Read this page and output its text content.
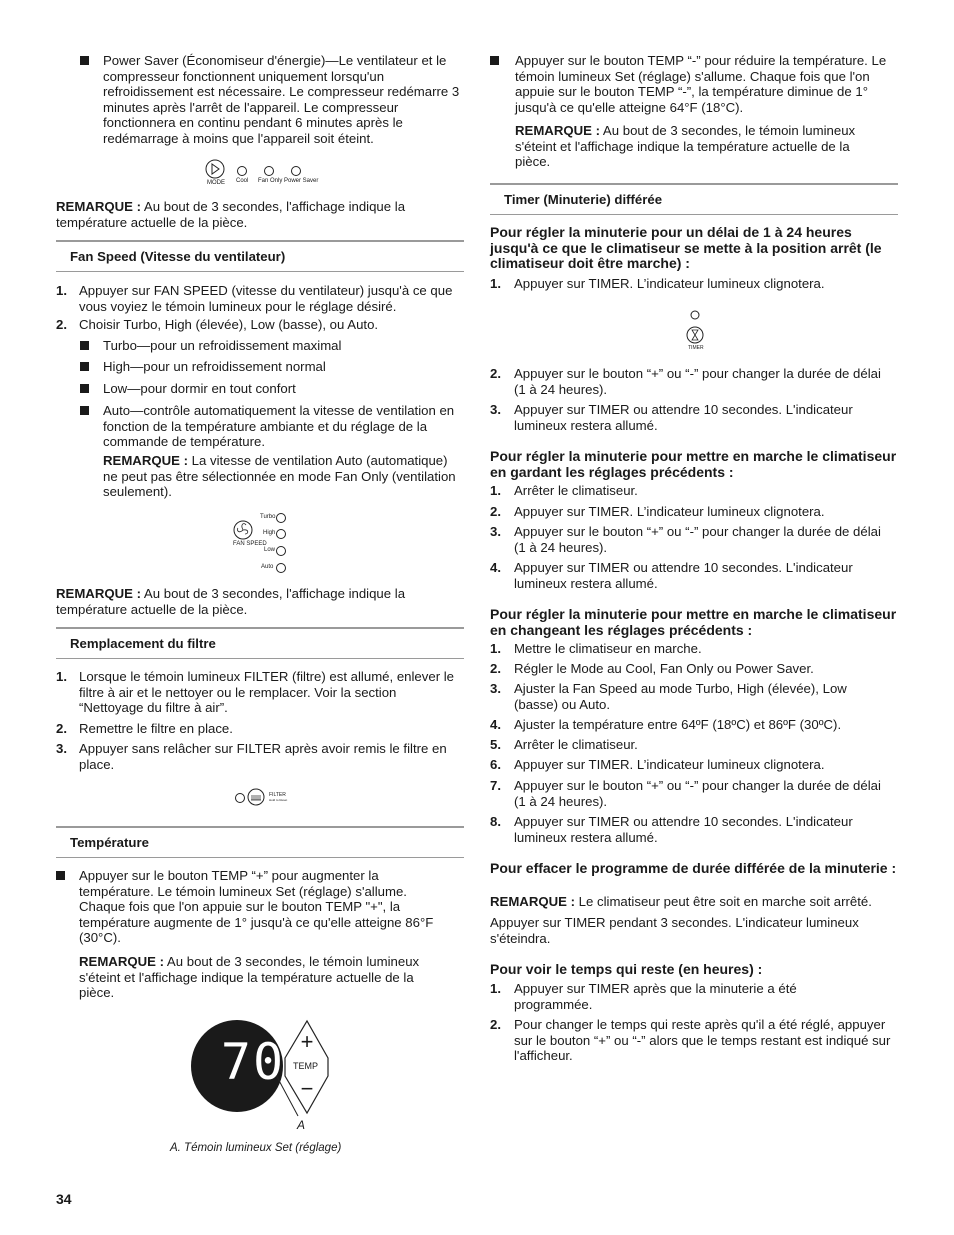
Power Saver (Économiseur d'énergie)—Le ventilateur et le compresseur fonctionnent uniquement lorsqu'un refroidissement est nécessaire. Le compresseur redémarre 3 minutes après l'arrêt de l'appareil. Le compresseur fonctionnera en continu pendant 6 minutes après le redémarrage à moins que l'appareil soit éteint.
MODE Cool Fan Only Power Saver
REMARQUE : Au bout de 3 secondes, l'affichage indique la température actuelle de la pièce.
Fan Speed (Vitesse du ventilateur)
1. Appuyer sur FAN SPEED (vitesse du ventilateur) jusqu'à ce que vous voyiez le témoin lumineux pour le réglage désiré.
2. Choisir Turbo, High (élevée), Low (basse), ou Auto.
Turbo—pour un refroidissement maximal
High—pour un refroidissement normal
Low—pour dormir en tout confort
Auto—contrôle automatiquement la vitesse de ventilation en fonction de la température ambiante et du réglage de la commande de température.
REMARQUE : La vitesse de ventilation Auto (automatique) ne peut pas être sélectionnée en mode Fan Only (ventilation seulement).
Turbo
High
Low
Auto
FAN SPEED
REMARQUE : Au bout de 3 secondes, l'affichage indique la température actuelle de la pièce.
Remplacement du filtre
1. Lorsque le témoin lumineux FILTER (filtre) est allumé, enlever le filtre à air et le nettoyer ou le remplacer. Voir la section “Nettoyage du filtre à air”.
2. Remettre le filtre en place.
3. Appuyer sans relâcher sur FILTER après avoir remis le filtre en place.
FILTER
Hold to Reset
Température
Appuyer sur le bouton TEMP “+” pour augmenter la température. Le témoin lumineux Set (réglage) s'allume. Chaque fois que l'on appuie sur le bouton TEMP "+", la température augmente de 1° jusqu'à ce qu'elle atteigne 86°F (30°C).
REMARQUE : Au bout de 3 secondes, le témoin lumineux s'éteint et l'affichage indique la température actuelle de la pièce.
70 +
TEMP
−
A
A. Témoin lumineux Set (réglage)
34
Appuyer sur le bouton TEMP “-” pour réduire la température. Le témoin lumineux Set (réglage) s'allume. Chaque fois que l'on appuie sur le bouton TEMP “-”, la température diminue de 1° jusqu'à ce qu'elle atteigne 64°F (18°C).
REMARQUE : Au bout de 3 secondes, le témoin lumineux s'éteint et l'affichage indique la température actuelle de la pièce.
Timer (Minuterie) différée
Pour régler la minuterie pour un délai de 1 à 24 heures jusqu'à ce que le climatiseur se mette à la position arrêt (le climatiseur doit être marche) :
1. Appuyer sur TIMER. L’indicateur lumineux clignotera.
TIMER
2. Appuyer sur le bouton “+” ou “-” pour changer la durée de délai (1 à 24 heures).
3. Appuyer sur TIMER ou attendre 10 secondes. L'indicateur lumineux restera allumé.
Pour régler la minuterie pour mettre en marche le climatiseur en gardant les réglages précédents :
1. Arrêter le climatiseur.
2. Appuyer sur TIMER. L’indicateur lumineux clignotera.
3. Appuyer sur le bouton “+” ou “-” pour changer la durée de délai (1 à 24 heures).
4. Appuyer sur TIMER ou attendre 10 secondes. L'indicateur lumineux restera allumé.
Pour régler la minuterie pour mettre en marche le climatiseur en changeant les réglages précédents :
1. Mettre le climatiseur en marche.
2. Régler le Mode au Cool, Fan Only ou Power Saver.
3. Ajuster la Fan Speed au mode Turbo, High (élevée), Low (basse) ou Auto.
4. Ajuster la température entre 64ºF (18ºC) et 86ºF (30ºC).
5. Arrêter le climatiseur.
6. Appuyer sur TIMER. L’indicateur lumineux clignotera.
7. Appuyer sur le bouton “+” ou “-” pour changer la durée de délai (1 à 24 heures).
8. Appuyer sur TIMER ou attendre 10 secondes. L'indicateur lumineux restera allumé.
Pour effacer le programme de durée différée de la minuterie :
REMARQUE : Le climatiseur peut être soit en marche soit arrêté.
Appuyer sur TIMER pendant 3 secondes. L'indicateur lumineux s'éteindra.
Pour voir le temps qui reste (en heures) :
1. Appuyer sur TIMER après que la minuterie a été programmée.
2. Pour changer le temps qui reste après qu'il a été réglé, appuyer sur le bouton “+” ou “-” alors que le temps restant est indiqué sur l'afficheur.
